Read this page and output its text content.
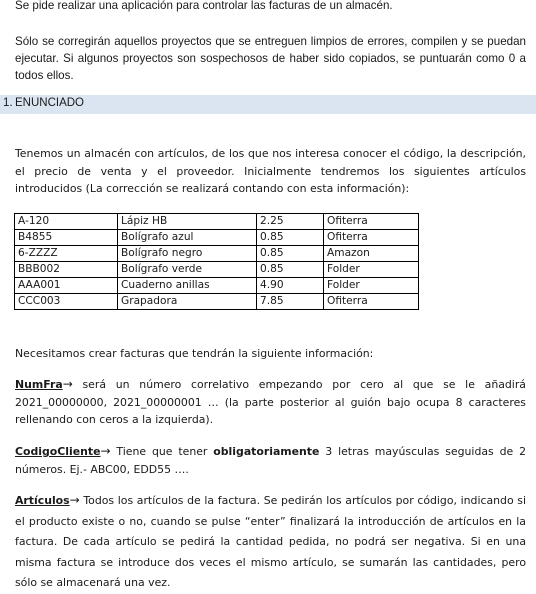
Se pide realizar una aplicación para controlar las facturas de un almacén.
Sólo se corregirán aquellos proyectos que se entreguen limpios de errores, compilen y se puedan ejecutar. Si algunos proyectos son sospechosos de haber sido copiados, se puntuarán como 0 a todos ellos.
1. ENUNCIADO
Tenemos un almacén con artículos, de los que nos interesa conocer el código, la descripción, el precio de venta y el proveedor. Inicialmente tendremos los siguientes artículos introducidos (La corrección se realizará contando con esta información):
A-120	Lápiz HB	2.25	Ofiterra
B4855	Bolígrafo azul	0.85	Ofiterra
6-ZZZZ	Bolígrafo negro	0.85	Amazon
BBB002	Bolígrafo verde	0.85	Folder
AAA001	Cuaderno anillas	4.90	Folder
CCC003	Grapadora	7.85	Ofiterra
Necesitamos crear facturas que tendrán la siguiente información:
NumFra→ será un número correlativo empezando por cero al que se le añadirá 2021_00000000, 2021_00000001 … (la parte posterior al guión bajo ocupa 8 caracteres rellenando con ceros a la izquierda).
CodigoCliente→ Tiene que tener obligatoriamente 3 letras mayúsculas seguidas de 2 números. Ej.- ABC00, EDD55 ….
Artículos→ Todos los artículos de la factura. Se pedirán los artículos por código, indicando si el producto existe o no, cuando se pulse “enter” finalizará la introducción de artículos en la factura. De cada artículo se pedirá la cantidad pedida, no podrá ser negativa. Si en una misma factura se introduce dos veces el mismo artículo, se sumarán las cantidades, pero sólo se almacenará una vez.
